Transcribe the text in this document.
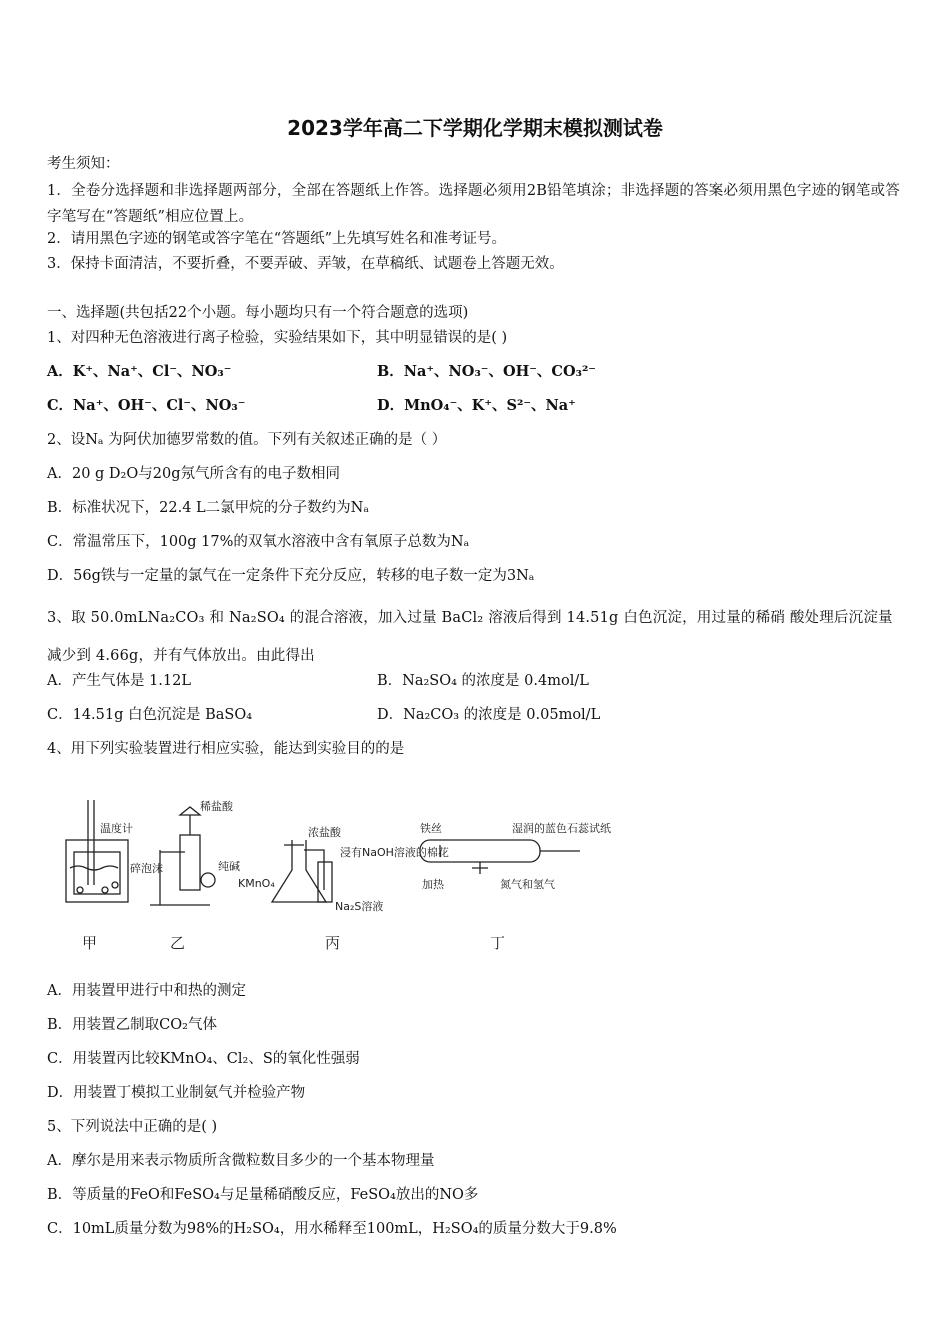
2023学年高二下学期化学期末模拟测试卷
考生须知：
1．全卷分选择题和非选择题两部分，全部在答题纸上作答。选择题必须用2B铅笔填涂；非选择题的答案必须用黑色字迹的钢笔或答字笔写在“答题纸”相应位置上。
2．请用黑色字迹的钢笔或答字笔在“答题纸”上先填写姓名和准考证号。
3．保持卡面清洁，不要折叠，不要弄破、弄皱，在草稿纸、试题卷上答题无效。
一、选择题(共包括22个小题。每小题均只有一个符合题意的选项)
1、对四种无色溶液进行离子检验，实验结果如下，其中明显错误的是( )
A．K⁺、Na⁺、Cl⁻、NO₃⁻	B．Na⁺、NO₃⁻、OH⁻、CO₃²⁻
C．Na⁺、OH⁻、Cl⁻、NO₃⁻	D．MnO₄⁻、K⁺、S²⁻、Na⁺
2、设Nₐ 为阿伏加德罗常数的值。下列有关叙述正确的是（ ）
A．20 g D₂O与20g氖气所含有的电子数相同
B．标准状况下，22.4 L二氯甲烷的分子数约为Nₐ
C．常温常压下，100g 17%的双氧水溶液中含有氧原子总数为Nₐ
D．56g铁与一定量的氯气在一定条件下充分反应，转移的电子数一定为3Nₐ
3、取 50.0mLNa₂CO₃ 和 Na₂SO₄ 的混合溶液，加入过量 BaCl₂ 溶液后得到 14.51g 白色沉淀，用过量的稀硝 酸处理后沉淀量减少到 4.66g，并有气体放出。由此得出
A．产生气体是 1.12L	B．Na₂SO₄ 的浓度是 0.4mol/L
C．14.51g 白色沉淀是 BaSO₄	D．Na₂CO₃ 的浓度是 0.05mol/L
4、用下列实验装置进行相应实验，能达到实验目的的是
温度计
碎泡沫
稀盐酸
纯碱
浓盐酸
浸有NaOH溶液的棉花
KMnO₄
Na₂S溶液
铁丝
加热
湿润的蓝色石蕊试纸
氮气和氢气
甲	乙	丙	丁
A．用装置甲进行中和热的测定
B．用装置乙制取CO₂气体
C．用装置丙比较KMnO₄、Cl₂、S的氧化性强弱
D．用装置丁模拟工业制氨气并检验产物
5、下列说法中正确的是( )
A．摩尔是用来表示物质所含微粒数目多少的一个基本物理量
B．等质量的FeO和FeSO₄与足量稀硝酸反应，FeSO₄放出的NO多
C．10mL质量分数为98%的H₂SO₄，用水稀释至100mL，H₂SO₄的质量分数大于9.8%
